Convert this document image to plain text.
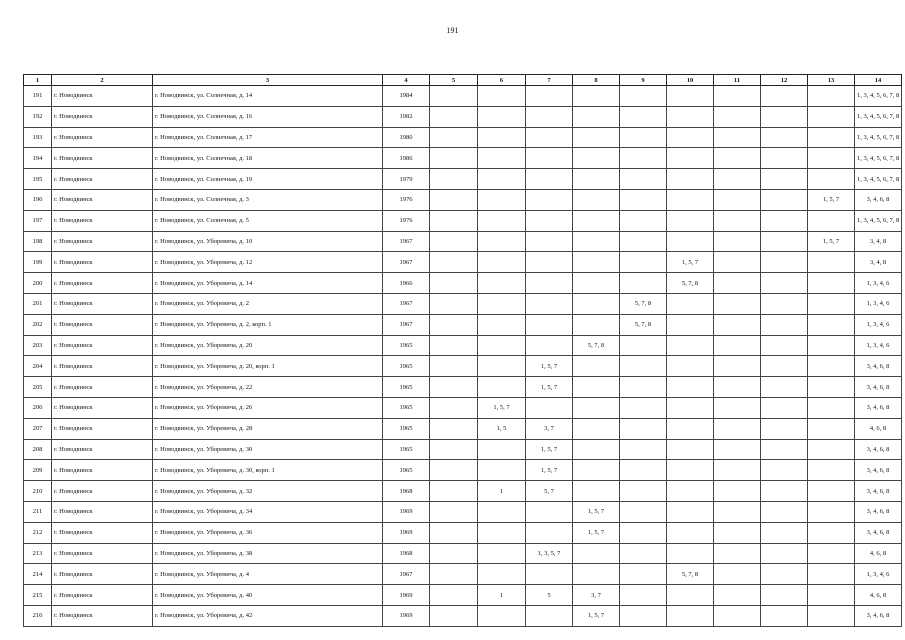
191
1	2	3	4	5	6	7	8	9	10	11	12	13	14
191	г. Новодвинск	г. Новодвинск, ул. Солнечная, д. 14	1984										1, 3, 4, 5, 6, 7, 8
192	г. Новодвинск	г. Новодвинск, ул. Солнечная, д. 16	1982										1, 3, 4, 5, 6, 7, 8
193	г. Новодвинск	г. Новодвинск, ул. Солнечная, д. 17	1980										1, 3, 4, 5, 6, 7, 8
194	г. Новодвинск	г. Новодвинск, ул. Солнечная, д. 18	1986										1, 3, 4, 5, 6, 7, 8
195	г. Новодвинск	г. Новодвинск, ул. Солнечная, д. 19	1979										1, 3, 4, 5, 6, 7, 8
196	г. Новодвинск	г. Новодвинск, ул. Солнечная, д. 3	1976									1, 5, 7	3, 4, 6, 8
197	г. Новодвинск	г. Новодвинск, ул. Солнечная, д. 5	1976										1, 3, 4, 5, 6, 7, 8
198	г. Новодвинск	г. Новодвинск, ул. Уборевича, д. 10	1967									1, 5, 7	3, 4, 8
199	г. Новодвинск	г. Новодвинск, ул. Уборевича, д. 12	1967						1, 5, 7				3, 4, 8
200	г. Новодвинск	г. Новодвинск, ул. Уборевича, д. 14	1966						5, 7, 8				1, 3, 4, 6
201	г. Новодвинск	г. Новодвинск, ул. Уборевича, д. 2	1967					5, 7, 8					1, 3, 4, 6
202	г. Новодвинск	г. Новодвинск, ул. Уборевича, д. 2, корп. 1	1967					5, 7, 8					1, 3, 4, 6
203	г. Новодвинск	г. Новодвинск, ул. Уборевича, д. 20	1965				5, 7, 8						1, 3, 4, 6
204	г. Новодвинск	г. Новодвинск, ул. Уборевича, д. 20, корп. 1	1965			1, 5, 7							3, 4, 6, 8
205	г. Новодвинск	г. Новодвинск, ул. Уборевича, д. 22	1965			1, 5, 7							3, 4, 6, 8
206	г. Новодвинск	г. Новодвинск, ул. Уборевича, д. 26	1965		1, 5, 7								3, 4, 6, 8
207	г. Новодвинск	г. Новодвинск, ул. Уборевича, д. 28	1965		1, 5	3, 7							4, 6, 8
208	г. Новодвинск	г. Новодвинск, ул. Уборевича, д. 30	1965			1, 5, 7							3, 4, 6, 8
209	г. Новодвинск	г. Новодвинск, ул. Уборевича, д. 30, корп. 1	1965			1, 5, 7							3, 4, 6, 8
210	г. Новодвинск	г. Новодвинск, ул. Уборевича, д. 32	1968		1	5, 7							3, 4, 6, 8
211	г. Новодвинск	г. Новодвинск, ул. Уборевича, д. 34	1969				1, 5, 7						3, 4, 6, 8
212	г. Новодвинск	г. Новодвинск, ул. Уборевича, д. 36	1969				1, 5, 7						3, 4, 6, 8
213	г. Новодвинск	г. Новодвинск, ул. Уборевича, д. 38	1968			1, 3, 5, 7							4, 6, 8
214	г. Новодвинск	г. Новодвинск, ул. Уборевича, д. 4	1967						5, 7, 8				1, 3, 4, 6
215	г. Новодвинск	г. Новодвинск, ул. Уборевича, д. 40	1969		1	5	3, 7						4, 6, 8
216	г. Новодвинск	г. Новодвинск, ул. Уборевича, д. 42	1969				1, 5, 7						3, 4, 6, 8
